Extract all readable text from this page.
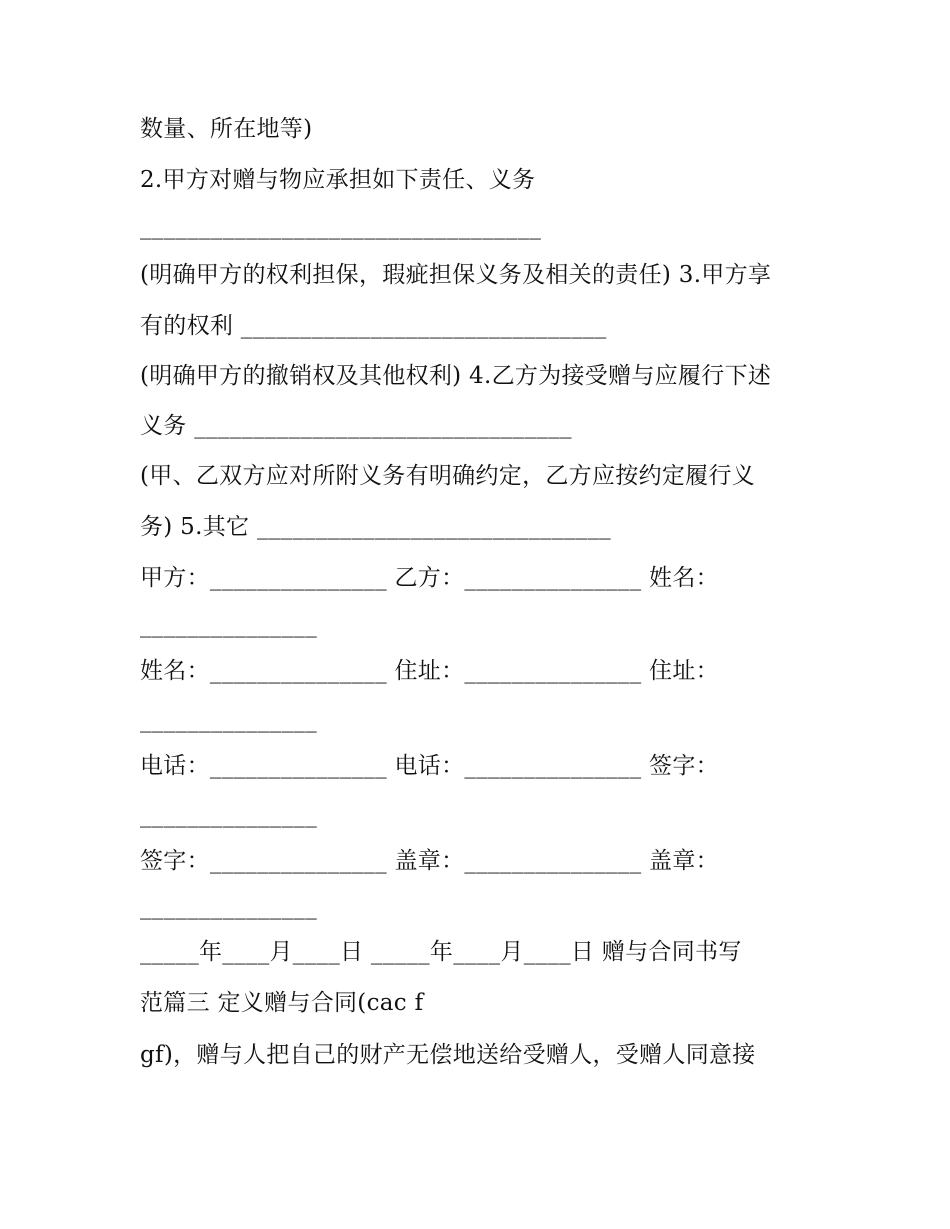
数量、所在地等)
2.甲方对赠与物应承担如下责任、义务
__________________________________
(明确甲方的权利担保，瑕疵担保义务及相关的责任) 3.甲方享
有的权利 _______________________________
(明确甲方的撤销权及其他权利) 4.乙方为接受赠与应履行下述
义务 ________________________________
(甲、乙双方应对所附义务有明确约定，乙方应按约定履行义
务) 5.其它 ______________________________
甲方：_______________ 乙方：_______________ 姓名：
_______________
姓名：_______________ 住址：_______________ 住址：
_______________
电话：_______________ 电话：_______________ 签字：
_______________
签字：_______________ 盖章：_______________ 盖章：
_______________
_____年____月____日 _____年____月____日 赠与合同书写
范篇三 定义赠与合同(cac f
gf)，赠与人把自己的财产无偿地送给受赠人，受赠人同意接
